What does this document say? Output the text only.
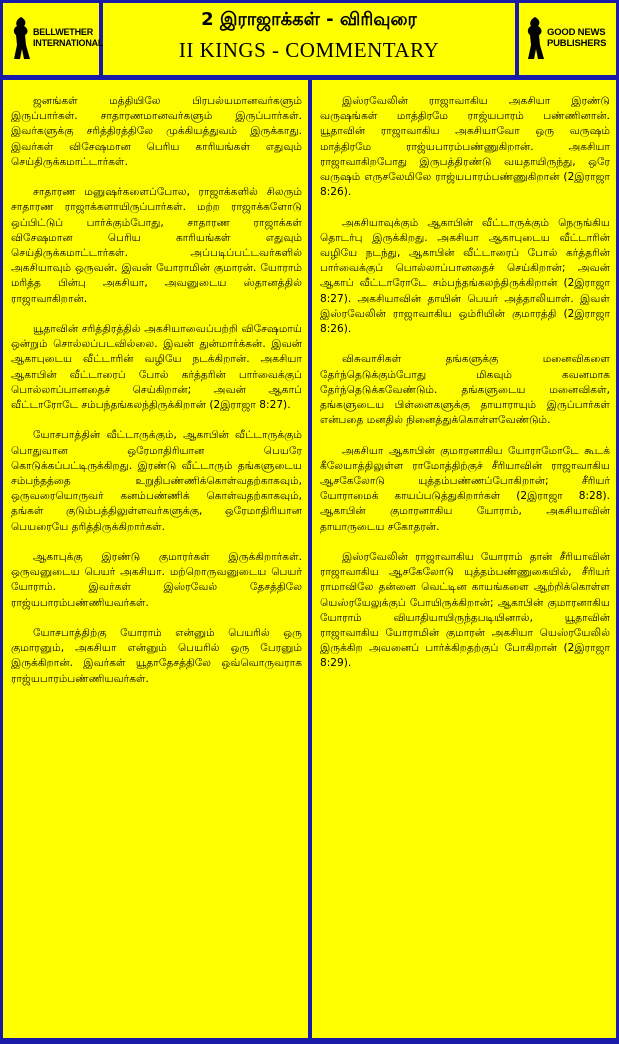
BELLWETHER
INTERNATIONAL
2 இராஜாக்கள் - விரிவுரை
II KINGS - COMMENTARY
GOOD NEWS
PUBLISHERS

ஜனங்கள் மத்தியிலே பிரபல்யமானவர்களும் இருப்பார்கள். சாதாரணமானவர்களும் இருப்பார்கள். இவர்களுக்கு சரித்திரத்திலே முக்கியத்துவம் இருக்காது. இவர்கள் விசேஷமான பெரிய காரியங்கள் எதுவும் செய்திருக்கமாட்டார்கள்.

சாதாரண மனுஷர்களைப்போல, ராஜாக்களில் சிலரும் சாதாரண ராஜாக்களாயிருப்பார்கள். மற்ற ராஜாக்களோடு ஒப்பிட்டுப் பார்க்கும்போது, சாதாரண ராஜாக்கள் விசேஷமான பெரிய காரியங்கள் எதுவும் செய்திருக்கமாட்டார்கள். அப்படிப்பட்டவர்களில் அகசியாவும் ஒருவன். இவன் யோராமின் குமாரன். யோராம் மரித்த பின்பு அகசியா, அவனுடைய ஸ்தானத்தில் ராஜாவாகிறான்.

யூதாவின் சரித்திரத்தில் அகசியாவைப்பற்றி விசேஷமாய் ஒன்றும் சொல்லப்படவில்லை. இவன் துன்மார்க்கன். இவன் ஆகாபுடைய வீட்டாரின் வழியே நடக்கிறான். அகசியா ஆகாபின் வீட்டாரைப் போல் கர்த்தரின் பார்வைக்குப் பொல்லாப்பானதைச் செய்கிறான்; அவன் ஆகாப் வீட்டாரோடே சம்பந்தங்கலந்திருக்கிறான் (2இராஜா 8:27).

யோசபாத்தின் வீட்டாருக்கும், ஆகாபின் வீட்டாருக்கும் பொதுவான ஒரேமாதிரியான பெயரே கொடுக்கப்பட்டிருக்கிறது. இரண்டு வீட்டாரும் தங்களுடைய சம்பந்தத்தை உறுதிபண்ணிக்கொள்வதற்காகவும், ஒருவரையொருவர் கனம்பண்ணிக் கொள்வதற்காகவும், தங்கள் குடும்பத்திலுள்ளவர்களுக்கு, ஒரேமாதிரியான பெயரையே தரித்திருக்கிறார்கள்.

ஆகாபுக்கு இரண்டு குமாரர்கள் இருக்கிறார்கள். ஒருவனுடைய பெயர் அகசியா. மற்றொருவனுடைய பெயர் யோராம். இவர்கள் இஸ்ரவேல் தேசத்திலே ராஜ்யபாரம்பண்ணியவர்கள்.

யோசபாத்திற்கு யோராம் என்னும் பெயரில் ஒரு குமாரனும், அகசியா என்னும் பெயரில் ஒரு பேரனும் இருக்கிறான். இவர்கள் யூதாதேசத்திலே ஒவ்வொருவராக ராஜ்யபாரம்பண்ணியவர்கள்.

இஸ்ரவேலின் ராஜாவாகிய அகசியா இரண்டு வருஷங்கள் மாத்திரமே ராஜ்யபாரம் பண்ணினான். யூதாவின் ராஜாவாகிய அகசியாவோ ஒரு வருஷம் மாத்திரமே ராஜ்யபாரம்பண்ணுகிறான். அகசியா ராஜாவாகிறபோது இருபத்திரண்டு வயதாயிருந்து, ஒரே வருஷம் எருசலேமிலே ராஜ்யபாரம்பண்ணுகிறான் (2இராஜா 8:26).

அகசியாவுக்கும் ஆகாபின் வீட்டாருக்கும் நெருங்கிய தொடர்பு இருக்கிறது. அகசியா ஆகாபுடைய வீட்டாரின் வழியே நடந்து, ஆகாபின் வீட்டாரைப் போல் கர்த்தரின் பார்வைக்குப் பொல்லாப்பானதைச் செய்கிறான்; அவன் ஆகாப் வீட்டாரோடே சம்பந்தங்கலந்திருக்கிறான் (2இராஜா 8:27). அகசியாவின் தாயின் பெயர் அத்தாலியாள். இவள் இஸ்ரவேலின் ராஜாவாகிய ஒம்ரியின் குமாரத்தி (2இராஜா 8:26).

விசுவாசிகள் தங்களுக்கு மனைவிகளை தேர்ந்தெடுக்கும்போது மிகவும் கவனமாக தேர்ந்தெடுக்கவேண்டும். தங்களுடைய மனைவிகள், தங்களுடைய பிள்ளைகளுக்கு தாயாராயும் இருப்பார்கள் என்பதை மனதில் நினைத்துக்கொள்ளவேண்டும்.

அகசியா ஆகாபின் குமாரனாகிய யோராமோடே கூடக் கீலேயாத்திலுள்ள ராமோத்திற்குச் சீரியாவின் ராஜாவாகிய ஆசகேலோடு யுத்தம்பண்ணப்போகிறான்; சீரியர் யோராமைக் காயப்படுத்துகிறார்கள் (2இராஜா 8:28). ஆகாபின் குமாரனாகிய யோராம், அகசியாவின் தாயாருடைய சகோதரன்.

இஸ்ரவேலின் ராஜாவாகிய யோராம் தான் சீரியாவின் ராஜாவாகிய ஆசகேலோடு யுத்தம்பண்ணுகையில், சீரியர் ராமாவிலே தன்னை வெட்டின காயங்களை ஆற்றிக்கொள்ள யெஸ்ரயேலுக்குப் போயிருக்கிறான்; ஆகாபின் குமாரனாகிய யோராம் வியாதியாயிருந்தபடியினால், யூதாவின் ராஜாவாகிய யோராமின் குமாரன் அகசியா யெஸ்ரயேலில் இருக்கிற அவனைப் பார்க்கிறதற்குப் போகிறான் (2இராஜா 8:29).
